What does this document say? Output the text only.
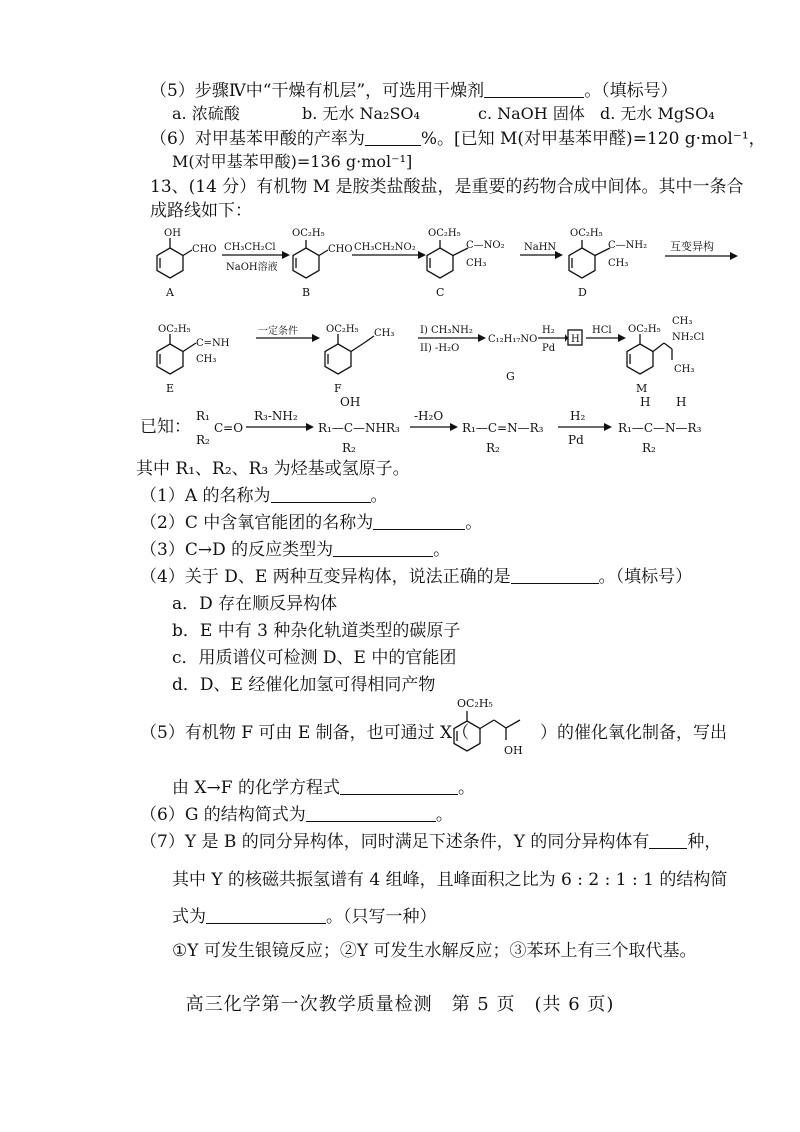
（5）步骤Ⅳ中“干燥有机层”，可选用干燥剂	。（填标号）
a. 浓硫酸	b. 无水 Na₂SO₄	c. NaOH 固体 d. 无水 MgSO₄
（6）对甲基苯甲酸的产率为	%。[已知 M(对甲基苯甲醛)=120 g·mol⁻¹，
M(对甲基苯甲酸)=136 g·mol⁻¹]
13、(14 分）有机物 M 是胺类盐酸盐，是重要的药物合成中间体。其中一条合
成路线如下：
OH
CHO
OC₂H₅
CHO
OC₂H₅
C—NO₂
CH₃
OC₂H₅
C—NH₂
CH₃
CH₃CH₂Cl
NaOH溶液
CH₃CH₂NO₂	NaHN	互变异构
OC₂H₅
C=NH
CH₃
OC₂H₅ CH₃
一定条件	I) CH₃NH₂
II) -H₂O
C₁₂H₁₇NO
H₂
Pd
H
HCl OC₂H₅
CH₃
NH₂Cl
CH₃
A	B	C	D
E	F
G
M
已知：
R₁
R₂
C=O
R₃-NH₂
OH
R₁—C—NHR₃
R₂
-H₂O
R₁—C=N—R₃
R₂
H₂
Pd
H H
R₁—C—N—R₃
R₂
其中 R₁、R₂、R₃ 为烃基或氢原子。
（1）A 的名称为	。
（2）C 中含氧官能团的名称为	。
（3）C→D 的反应类型为	。
（4）关于 D、E 两种互变异构体，说法正确的是	。（填标号）
a．D 存在顺反异构体
b．E 中有 3 种杂化轨道类型的碳原子
c．用质谱仪可检测 D、E 中的官能团
d．D、E 经催化加氢可得相同产物
（5）有机物 F 可由 E 制备，也可通过 X（	）的催化氧化制备，写出
OC₂H₅
OH
由 X→F 的化学方程式	。
（6）G 的结构简式为	。
（7）Y 是 B 的同分异构体，同时满足下述条件，Y 的同分异构体有 种，
其中 Y 的核磁共振氢谱有 4 组峰，且峰面积之比为 6 : 2 : 1 : 1 的结构简
式为	。（只写一种）
①Y 可发生银镜反应；②Y 可发生水解反应；③苯环上有三个取代基。
高三化学第一次教学质量检测　第 5 页　(共 6 页)
